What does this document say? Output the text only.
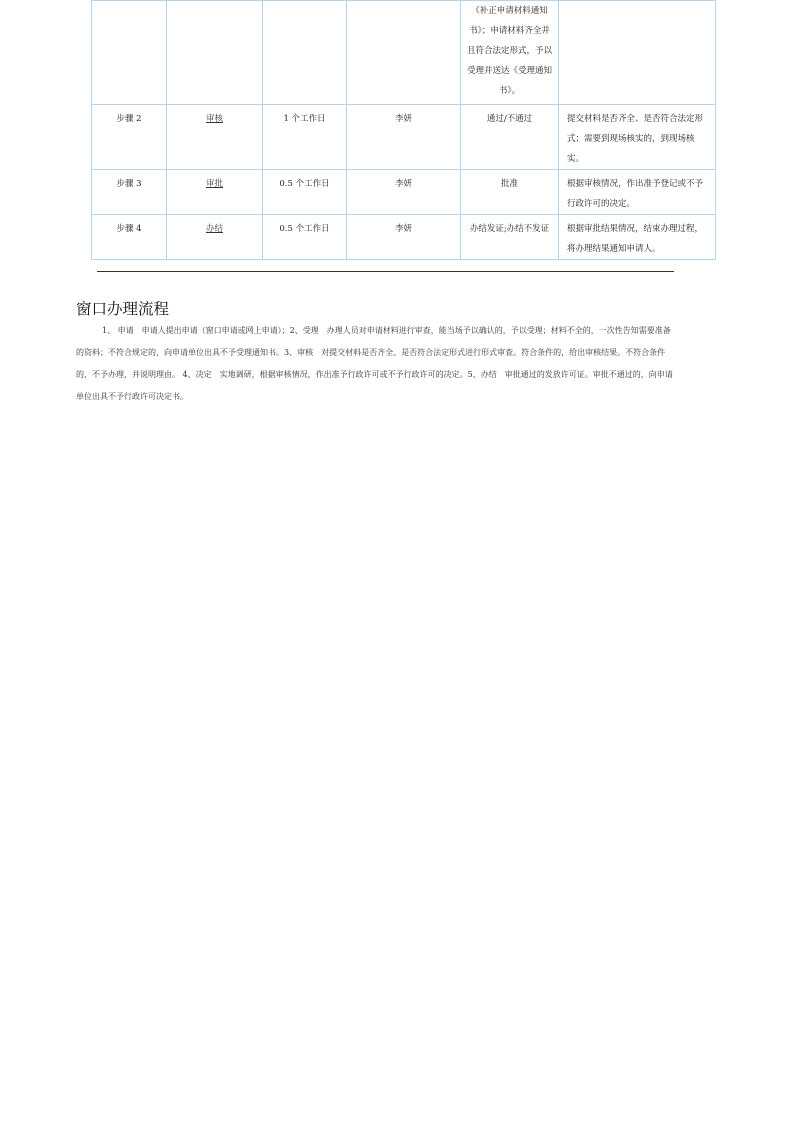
				《补正申请材料通知书》；申请材料齐全并且符合法定形式，予以受理并送达《受理通知书》。	
步骤 2	审核	1 个工作日	李妍	通过/不通过	提交材料是否齐全、是否符合法定形式；需要到现场核实的，到现场核实。
步骤 3	审批	0.5 个工作日	李妍	批准	根据审核情况，作出准予登记或不予行政许可的决定。
步骤 4	办结	0.5 个工作日	李妍	办结发证;办结不发证	根据审批结果情况，结束办理过程，将办理结果通知申请人。
窗口办理流程

1、 申请　申请人提出申请（窗口申请或网上申请）；2、受理　办理人员对申请材料进行审查，能当场予以确认的，予以受理；材料不全的，一次性告知需要准备的资料；不符合规定的，向申请单位出具不予受理通知书。3、审核　对提交材料是否齐全、是否符合法定形式进行形式审查。符合条件的，给出审核结果。不符合条件的，不予办理，并说明理由。 4、决定　实地调研，根据审核情况，作出准予行政许可或不予行政许可的决定。5、办结　审批通过的发放许可证。审批不通过的，向申请单位出具不予行政许可决定书。
